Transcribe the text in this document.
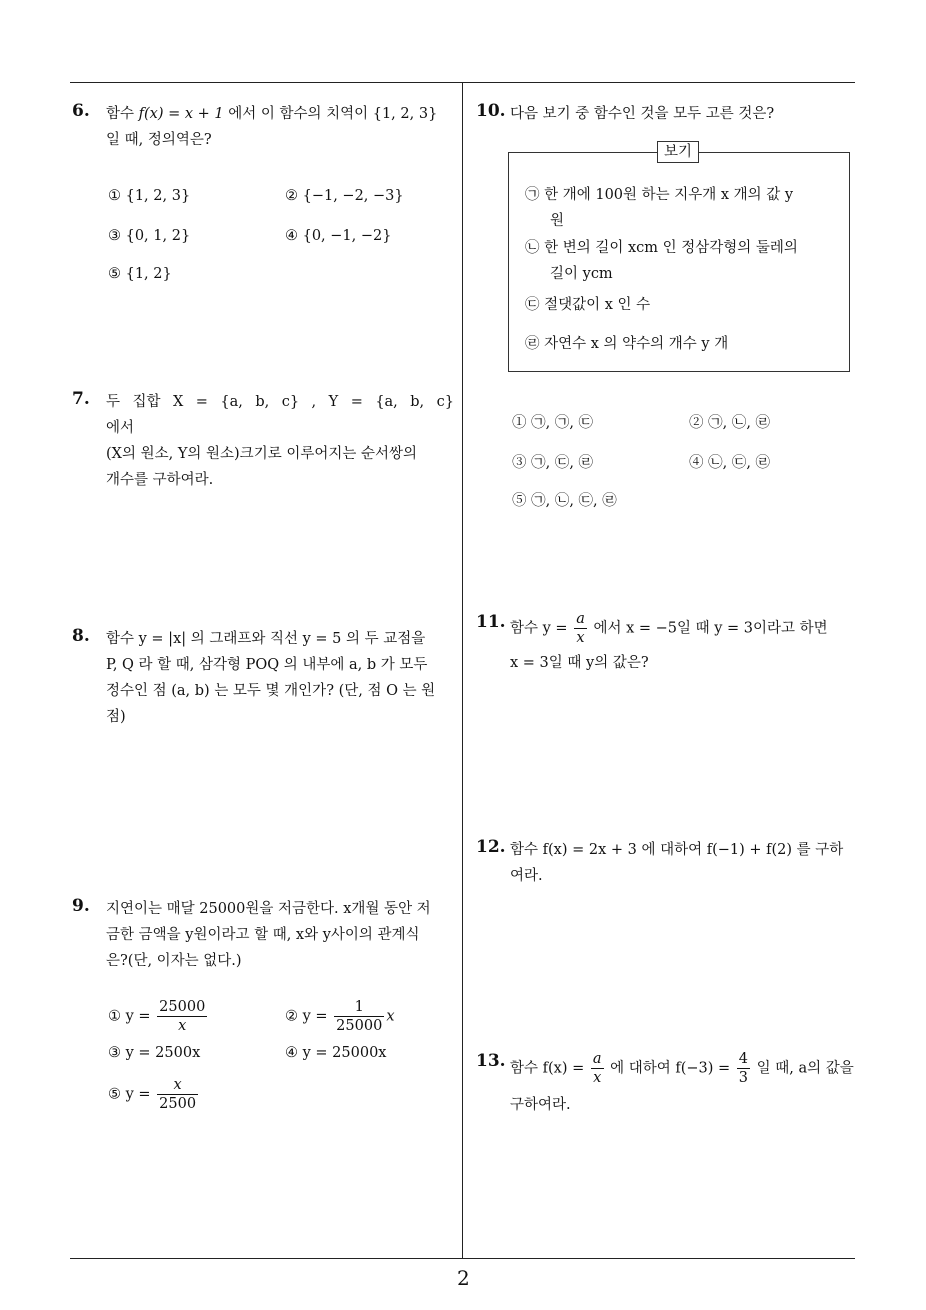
6. 함수 f(x) = x + 1 에서 이 함수의 치역이 {1, 2, 3}
일 때, 정의역은?
① {1, 2, 3}	② {−1, −2, −3}
③ {0, 1, 2}	④ {0, −1, −2}
⑤ {1, 2}
7. 두 집합 X = {a, b, c} , Y = {a, b, c} 에서
(X의 원소, Y의 원소)크기로 이루어지는 순서쌍의
개수를 구하여라.
8. 함수 y = |x| 의 그래프와 직선 y = 5 의 두 교점을
P, Q 라 할 때, 삼각형 POQ 의 내부에 a, b 가 모두
정수인 점 (a, b) 는 모두 몇 개인가? (단, 점 O 는 원
점)
9. 지연이는 매달 25000원을 저금한다. x개월 동안 저
금한 금액을 y원이라고 할 때, x와 y사이의 관계식
은?(단, 이자는 없다.)
① $y = \frac{25000}{x}$	② $y = \frac{1}{25000}$ x
③ y = 2500x	④ y = 25000x
⑤ $y = \frac{x}{2500}$
10. 다음 보기 중 함수인 것을 모두 고른 것은?
보기
㉠ 한 개에 100원 하는 지우개 x 개의 값 y
원
㉡ 한 변의 길이 xcm 인 정삼각형의 둘레의
길이 ycm
㉢ 절댓값이 x 인 수
㉣ 자연수 x 의 약수의 개수 y 개
① ㉠, ㉠, ㉢	② ㉠, ㉡, ㉣
③ ㉠, ㉢, ㉣	④ ㉡, ㉢, ㉣
⑤ ㉠, ㉡, ㉢, ㉣
11. 함수 $y = \frac{a}{x}$ 에서 x = −5일 때 y = 3이라고 하면
x = 3일 때 y의 값은?
12. 함수 f(x) = 2x + 3 에 대하여 f(−1) + f(2) 를 구하
여라.
13. 함수 $f(x) = \frac{a}{x}$ 에 대하여 $f(-3) = \frac{4}{3}$ 일 때, a의 값을
구하여라.
2
